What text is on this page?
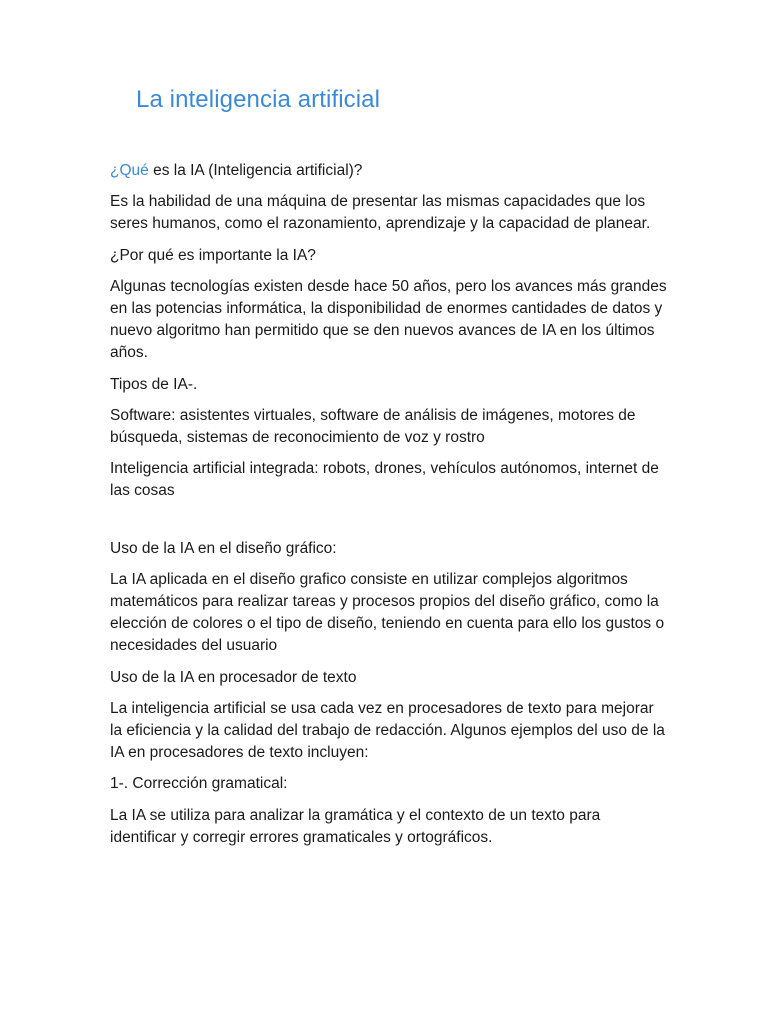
La inteligencia artificial

¿Qué es la IA (Inteligencia artificial)?

Es la habilidad de una máquina de presentar las mismas capacidades que los seres humanos, como el razonamiento, aprendizaje y la capacidad de planear.

¿Por qué es importante la IA?

Algunas tecnologías existen desde hace 50 años, pero los avances más grandes en las potencias informática, la disponibilidad de enormes cantidades de datos y nuevo algoritmo han permitido que se den nuevos avances de IA en los últimos años.

Tipos de IA-.

Software: asistentes virtuales, software de análisis de imágenes, motores de búsqueda, sistemas de reconocimiento de voz y rostro

Inteligencia artificial integrada: robots, drones, vehículos autónomos, internet de las cosas

Uso de la IA en el diseño gráfico:

La IA aplicada en el diseño grafico consiste en utilizar complejos algoritmos matemáticos para realizar tareas y procesos propios del diseño gráfico, como la elección de colores o el tipo de diseño, teniendo en cuenta para ello los gustos o necesidades del usuario

Uso de la IA en procesador de texto

La inteligencia artificial se usa cada vez en procesadores de texto para mejorar la eficiencia y la calidad del trabajo de redacción. Algunos ejemplos del uso de la IA en procesadores de texto incluyen:

1-. Corrección gramatical:

La IA se utiliza para analizar la gramática y el contexto de un texto para identificar y corregir errores gramaticales y ortográficos.
